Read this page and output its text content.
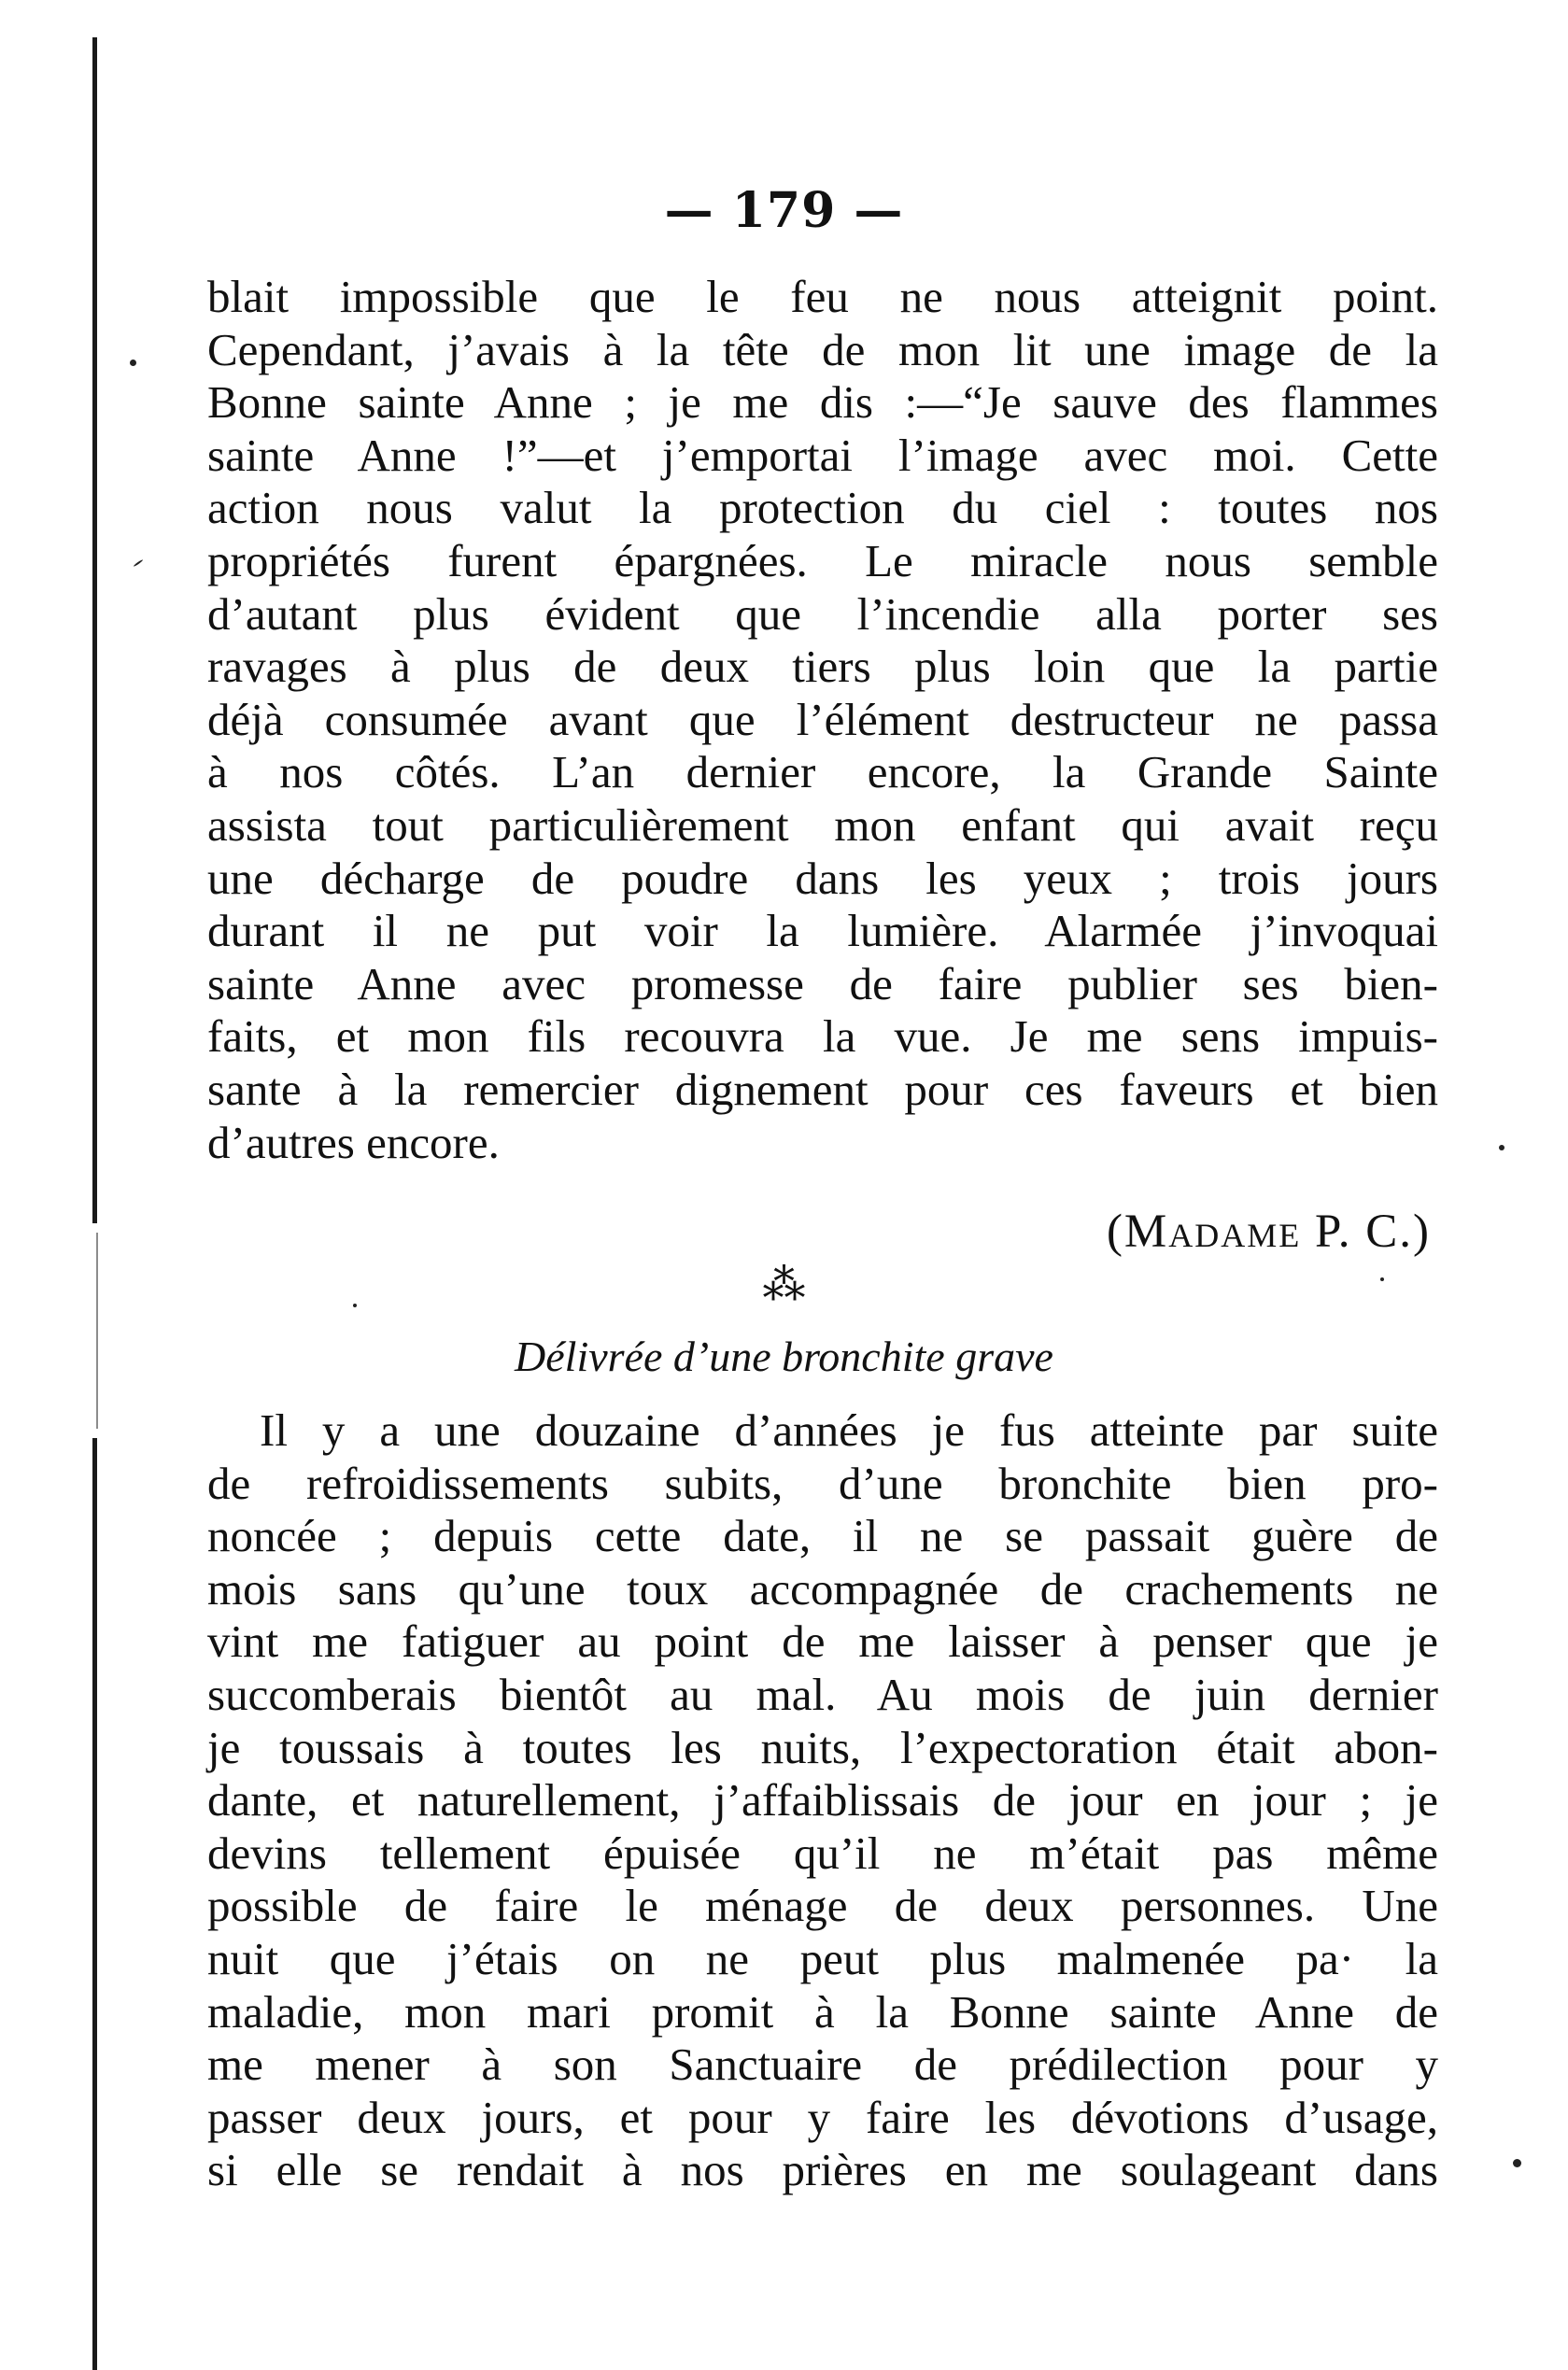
— 179 —
blait impossible que le feu ne nous atteignit point.
Cependant, j’avais à la tête de mon lit une image de la
Bonne sainte Anne ; je me dis :—“Je sauve des flammes
sainte Anne !”—et j’emportai l’image avec moi. Cette
action nous valut la protection du ciel : toutes nos
propriétés furent épargnées. Le miracle nous semble
d’autant plus évident que l’incendie alla porter ses
ravages à plus de deux tiers plus loin que la partie
déjà consumée avant que l’élément destructeur ne passa
à nos côtés. L’an dernier encore, la Grande Sainte
assista tout particulièrement mon enfant qui avait reçu
une décharge de poudre dans les yeux ; trois jours
durant il ne put voir la lumière. Alarmée j’invoquai
sainte Anne avec promesse de faire publier ses bien-
faits, et mon fils recouvra la vue. Je me sens impuis-
sante à la remercier dignement pour ces faveurs et bien
d’autres encore.
(Madame P. C.)
⁂
Délivrée d’une bronchite grave
Il y a une douzaine d’années je fus atteinte par suite
de refroidissements subits, d’une bronchite bien pro-
noncée ; depuis cette date, il ne se passait guère de
mois sans qu’une toux accompagnée de crachements ne
vint me fatiguer au point de me laisser à penser que je
succomberais bientôt au mal. Au mois de juin dernier
je toussais à toutes les nuits, l’expectoration était abon-
dante, et naturellement, j’affaiblissais de jour en jour ; je
devins tellement épuisée qu’il ne m’était pas même
possible de faire le ménage de deux personnes. Une
nuit que j’étais on ne peut plus malmenée pa· la
maladie, mon mari promit à la Bonne sainte Anne de
me mener à son Sanctuaire de prédilection pour y
passer deux jours, et pour y faire les dévotions d’usage,
si elle se rendait à nos prières en me soulageant dans
